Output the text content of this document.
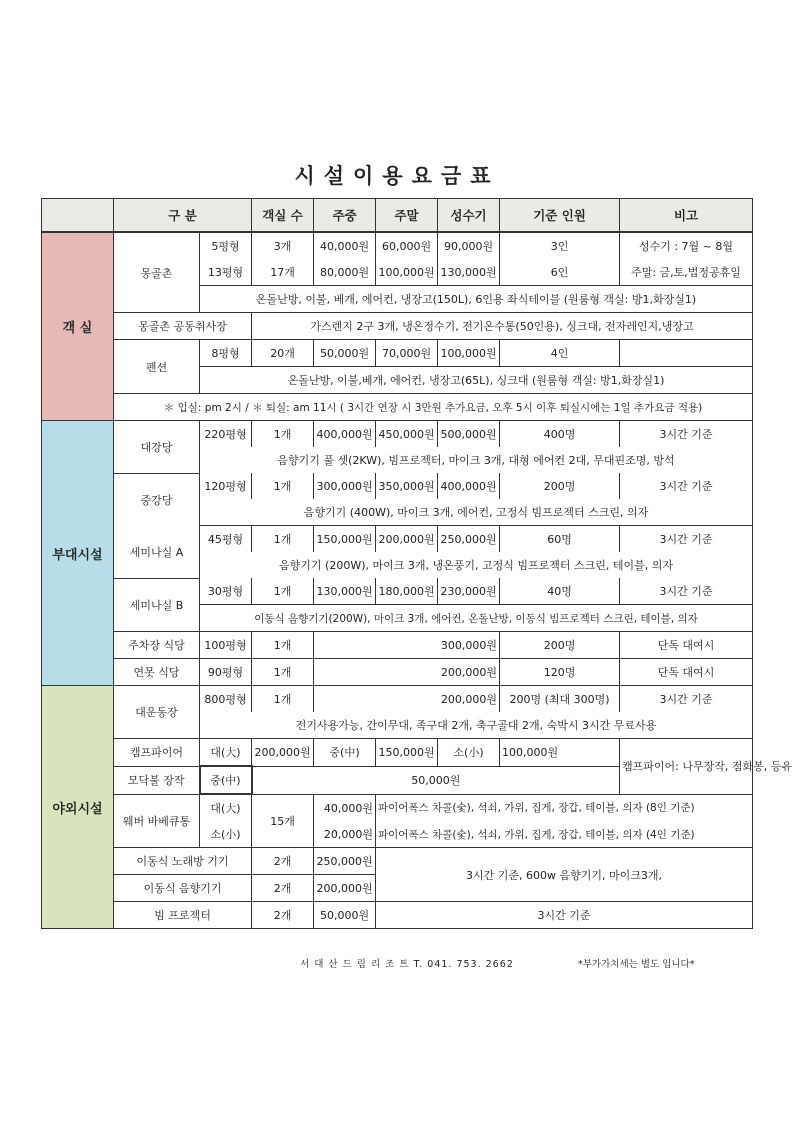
시설이용요금표
	구 분		객실 수	주중	주말	성수기	기준 인원	비고
객 실	몽골촌	5평형	3개	40,000원	60,000원	90,000원	3인	성수기 : 7월 ~ 8월
		13평형	17개	80,000원	100,000원	130,000원	6인	주말: 금,토,법정공휴일
		온돌난방, 이불, 베개, 에어컨, 냉장고(150L), 6인용 좌식테이블 (원룸형 객실: 방1,화장실1)						
	몽골촌 공동취사장		가스렌지 2구 3개, 냉온정수기, 전기온수통(50인용), 싱크대, 전자레인지,냉장고					
	펜션	8평형	20개	50,000원	70,000원	100,000원	4인	
		온돌난방, 이불,베개, 에어컨, 냉장고(65L), 싱크대 (원룸형 객실: 방1,화장실1)						
	＊ 입실: pm 2시 / ＊ 퇴실: am 11시 ( 3시간 연장 시 3만원 추가요금, 오후 5시 이후 퇴실시에는 1일 추가요금 적용)							
부대시설	대강당	220평형	1개	400,000원	450,000원	500,000원	400명	3시간 기준
		음향기기 풀 셋(2KW), 빔프로젝터, 마이크 3개, 대형 에어컨 2대, 무대핀조명, 방석						
	중강당	120평형	1개	300,000원	350,000원	400,000원	200명	3시간 기준
		음향기기 (400W), 마이크 3개, 에어컨, 고정식 빔프로젝터 스크린, 의자						
	세미나실 A	45평형	1개	150,000원	200,000원	250,000원	60명	3시간 기준
		음향기기 (200W), 마이크 3개, 냉온풍기, 고정식 빔프로젝터 스크린, 테이블, 의자						
	세미나실 B	30평형	1개	130,000원	180,000원	230,000원	40명	3시간 기준
		이동식 음향기기(200W), 마이크 3개, 에어컨, 온돌난방, 이동식 빔프로젝터 스크린, 테이블, 의자						
	주차장 식당	100평형	1개	300,000원			200명	단독 대여시
	연못 식당	90평형	1개	200,000원			120명	단독 대여시
야외시설	대운동장	800평형	1개	200,000원			200명 (최대 300명)	3시간 기준
		전기사용가능, 간이무대, 족구대 2개, 축구골대 2개, 숙박시 3시간 무료사용						
	캠프파이어	대(大)	200,000원	중(中)	150,000원	소(小)	100,000원	캠프파이어: 나무장작, 점화봉, 등유
	모닥불 장작	중(中)	50,000원					
	웨버 바베큐통	대(大)	15개	40,000원	파이어폭스 차콜(숯), 석쇠, 가위, 집게, 장갑, 테이블, 의자 (8인 기준)			
		소(小)		20,000원	파이어폭스 차콜(숯), 석쇠, 가위, 집게, 장갑, 테이블, 의자 (4인 기준)			
	이동식 노래방 기기		2개	250,000원	3시간 기준, 600w 음향기기, 마이크3개,			
	이동식 음향기기		2개	200,000원				
	빔 프로젝터		2개	50,000원	3시간 기준			
서 대 산 드 림 리 조 트 T. 041. 753. 2662	*부가가치세는 별도 입니다*
